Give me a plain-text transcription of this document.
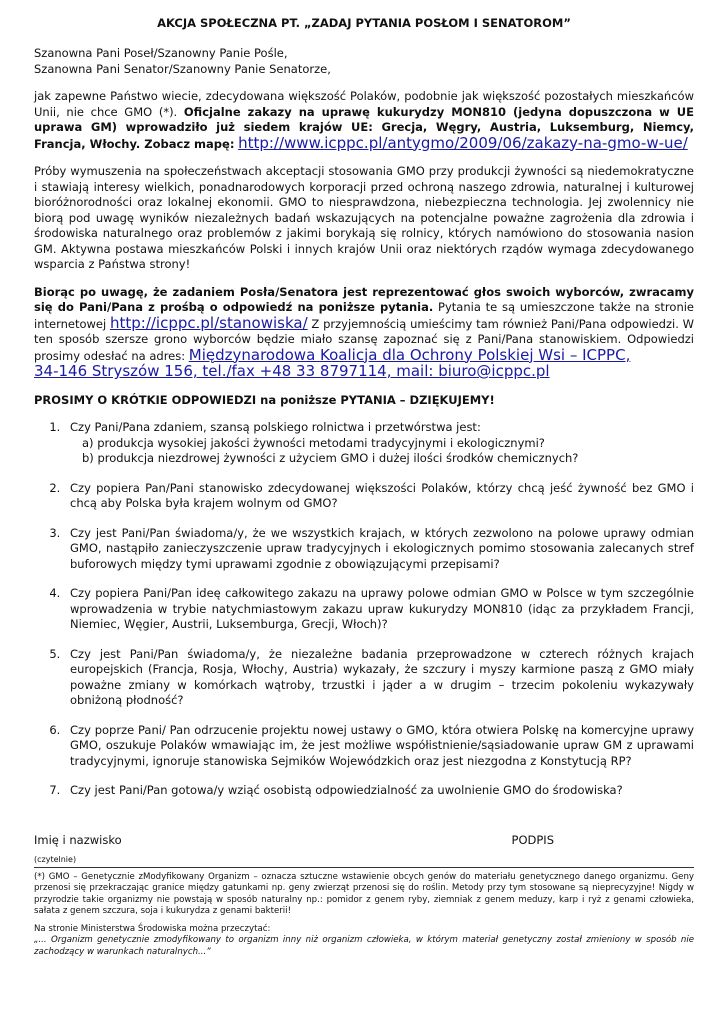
AKCJA SPOŁECZNA PT. „ZADAJ PYTANIA POSŁOM I SENATOROM”

Szanowna Pani Poseł/Szanowny Panie Pośle,

Szanowna Pani Senator/Szanowny Panie Senatorze,

jak zapewne Państwo wiecie, zdecydowana większość Polaków, podobnie jak większość pozostałych mieszkańców Unii, nie chce GMO (*). Oficjalne zakazy na uprawę kukurydzy MON810 (jedyna dopuszczona w UE uprawa GM) wprowadziło już siedem krajów UE: Grecja, Węgry, Austria, Luksemburg, Niemcy, Francja, Włochy. Zobacz mapę: http://www.icppc.pl/antygmo/2009/06/zakazy-na-gmo-w-ue/

Próby wymuszenia na społeczeństwach akceptacji stosowania GMO przy produkcji żywności są niedemokratyczne i stawiają interesy wielkich, ponadnarodowych korporacji przed ochroną naszego zdrowia, naturalnej i kulturowej bioróżnorodności oraz lokalnej ekonomii. GMO to niesprawdzona, niebezpieczna technologia. Jej zwolennicy nie biorą pod uwagę wyników niezależnych badań wskazujących na potencjalne poważne zagrożenia dla zdrowia i środowiska naturalnego oraz problemów z jakimi borykają się rolnicy, których namówiono do stosowania nasion GM. Aktywna postawa mieszkańców Polski i innych krajów Unii oraz niektórych rządów wymaga zdecydowanego wsparcia z Państwa strony!

Biorąc po uwagę, że zadaniem Posła/Senatora jest reprezentować głos swoich wyborców, zwracamy się do Pani/Pana z prośbą o odpowiedź na poniższe pytania. Pytania te są umieszczone także na stronie internetowej http://icppc.pl/stanowiska/ Z przyjemnością umieścimy tam również Pani/Pana odpowiedzi. W ten sposób szersze grono wyborców będzie miało szansę zapoznać się z Pani/Pana stanowiskiem. Odpowiedzi prosimy odesłać na adres: Międzynarodowa Koalicja dla Ochrony Polskiej Wsi – ICPPC,
34-146 Stryszów 156, tel./fax +48 33 8797114, mail: biuro@icppc.pl

PROSIMY O KRÓTKIE ODPOWIEDZI na poniższe PYTANIA – DZIĘKUJEMY!

1. Czy Pani/Pana zdaniem, szansą polskiego rolnictwa i przetwórstwa jest:
a) produkcja wysokiej jakości żywności metodami tradycyjnymi i ekologicznymi?
b) produkcja niezdrowej żywności z użyciem GMO i dużej ilości środków chemicznych?
2. Czy popiera Pan/Pani stanowisko zdecydowanej większości Polaków, którzy chcą jeść żywność bez GMO i chcą aby Polska była krajem wolnym od GMO?
3. Czy jest Pani/Pan świadoma/y, że we wszystkich krajach, w których zezwolono na polowe uprawy odmian GMO, nastąpiło zanieczyszczenie upraw tradycyjnych i ekologicznych pomimo stosowania zalecanych stref buforowych między tymi uprawami zgodnie z obowiązującymi przepisami?
4. Czy popiera Pani/Pan ideę całkowitego zakazu na uprawy polowe odmian GMO w Polsce w tym szczególnie wprowadzenia w trybie natychmiastowym zakazu upraw kukurydzy MON810 (idąc za przykładem Francji, Niemiec, Węgier, Austrii, Luksemburga, Grecji, Włoch)?
5. Czy jest Pani/Pan świadoma/y, że niezależne badania przeprowadzone w czterech różnych krajach europejskich (Francja, Rosja, Włochy, Austria) wykazały, że szczury i myszy karmione paszą z GMO miały poważne zmiany w komórkach wątroby, trzustki i jąder a w drugim – trzecim pokoleniu wykazywały obniżoną płodność?
6. Czy poprze Pani/ Pan odrzucenie projektu nowej ustawy o GMO, która otwiera Polskę na komercyjne uprawy GMO, oszukuje Polaków wmawiając im, że jest możliwe współistnienie/sąsiadowanie upraw GM z uprawami tradycyjnymi, ignoruje stanowiska Sejmików Wojewódzkich oraz jest niezgodna z Konstytucją RP?
7. Czy jest Pani/Pan gotowa/y wziąć osobistą odpowiedzialność za uwolnienie GMO do środowiska?
Imię i nazwisko	PODPIS
(czytelnie)

(*) GMO – Genetycznie zModyfikowany Organizm – oznacza sztuczne wstawienie obcych genów do materiału genetycznego danego organizmu. Geny przenosi się przekraczając granice między gatunkami np. geny zwierząt przenosi się do roślin. Metody przy tym stosowane są nieprecyzyjne! Nigdy w przyrodzie takie organizmy nie powstają w sposób naturalny np.: pomidor z genem ryby, ziemniak z genem meduzy, karp i ryż z genami człowieka, sałata z genem szczura, soja i kukurydza z genami bakterii!

Na stronie Ministerstwa Środowiska można przeczytać:

„... Organizm genetycznie zmodyfikowany to organizm inny niż organizm człowieka, w którym materiał genetyczny został zmieniony w sposób nie zachodzący w warunkach naturalnych...”
